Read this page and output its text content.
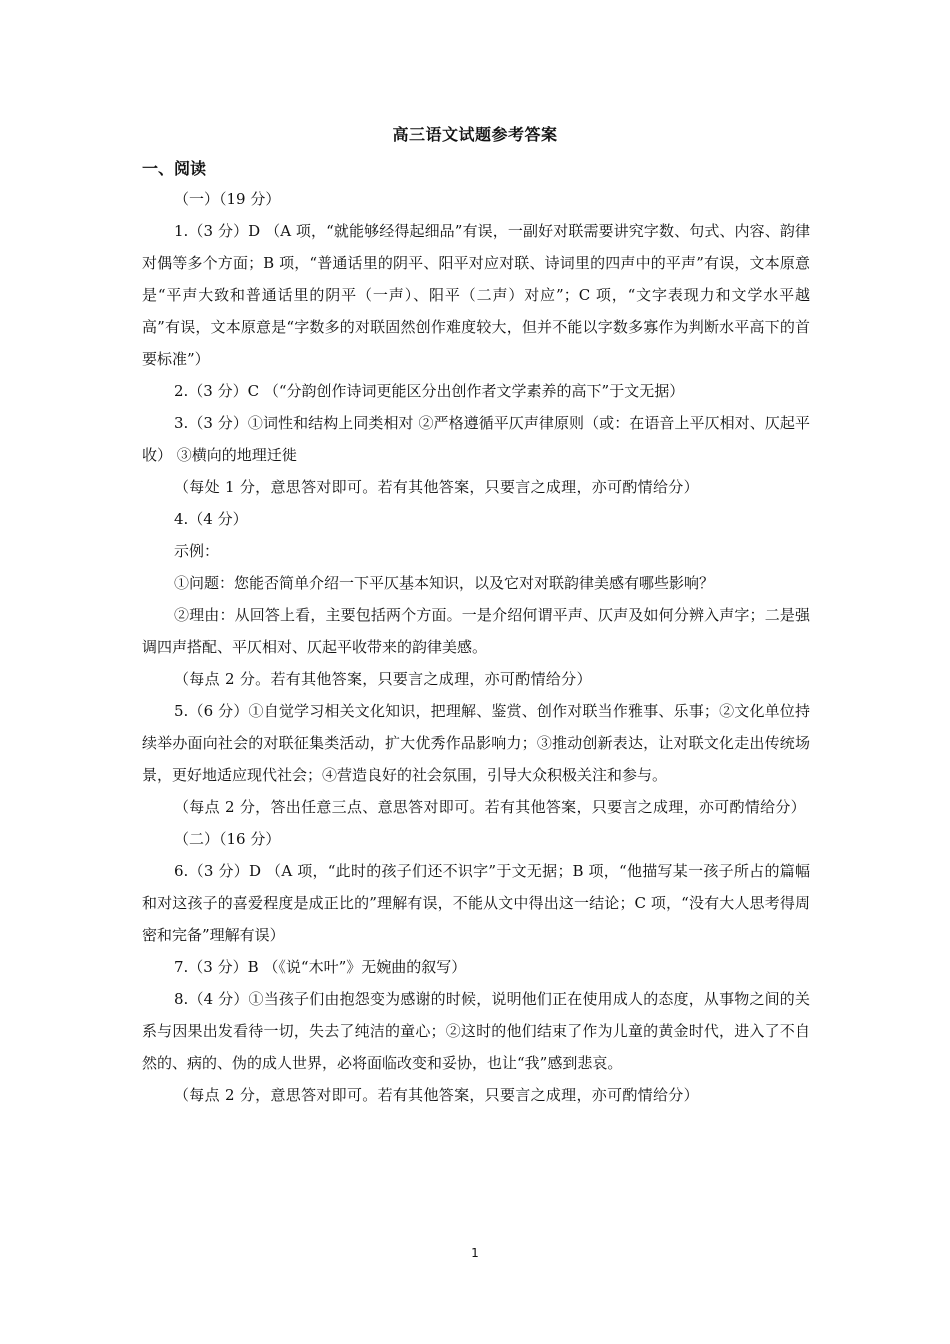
高三语文试题参考答案
一、阅读

（一）（19 分）

1.（3 分）D （A 项，“就能够经得起细品”有误，一副好对联需要讲究字数、句式、内容、韵律对偶等多个方面；B 项，“普通话里的阴平、阳平对应对联、诗词里的四声中的平声”有误，文本原意是“平声大致和普通话里的阴平（一声）、阳平（二声）对应”；C 项，“文字表现力和文学水平越高”有误，文本原意是“字数多的对联固然创作难度较大，但并不能以字数多寡作为判断水平高下的首要标准”）

2.（3 分）C （“分韵创作诗词更能区分出创作者文学素养的高下”于文无据）

3.（3 分）①词性和结构上同类相对 ②严格遵循平仄声律原则（或：在语音上平仄相对、仄起平收） ③横向的地理迁徙

（每处 1 分，意思答对即可。若有其他答案，只要言之成理，亦可酌情给分）

4.（4 分）

示例：

①问题：您能否简单介绍一下平仄基本知识，以及它对对联韵律美感有哪些影响？

②理由：从回答上看，主要包括两个方面。一是介绍何谓平声、仄声及如何分辨入声字；二是强调四声搭配、平仄相对、仄起平收带来的韵律美感。

（每点 2 分。若有其他答案，只要言之成理，亦可酌情给分）

5.（6 分）①自觉学习相关文化知识，把理解、鉴赏、创作对联当作雅事、乐事；②文化单位持续举办面向社会的对联征集类活动，扩大优秀作品影响力；③推动创新表达，让对联文化走出传统场景，更好地适应现代社会；④营造良好的社会氛围，引导大众积极关注和参与。

（每点 2 分，答出任意三点、意思答对即可。若有其他答案，只要言之成理，亦可酌情给分）

（二）（16 分）

6.（3 分）D （A 项，“此时的孩子们还不识字”于文无据；B 项，“他描写某一孩子所占的篇幅和对这孩子的喜爱程度是成正比的”理解有误，不能从文中得出这一结论；C 项，“没有大人思考得周密和完备”理解有误）

7.（3 分）B （《说“木叶”》无婉曲的叙写）

8.（4 分）①当孩子们由抱怨变为感谢的时候，说明他们正在使用成人的态度，从事物之间的关系与因果出发看待一切，失去了纯洁的童心；②这时的他们结束了作为儿童的黄金时代，进入了不自然的、病的、伪的成人世界，必将面临改变和妥协，也让“我”感到悲哀。

（每点 2 分，意思答对即可。若有其他答案，只要言之成理，亦可酌情给分）

1
